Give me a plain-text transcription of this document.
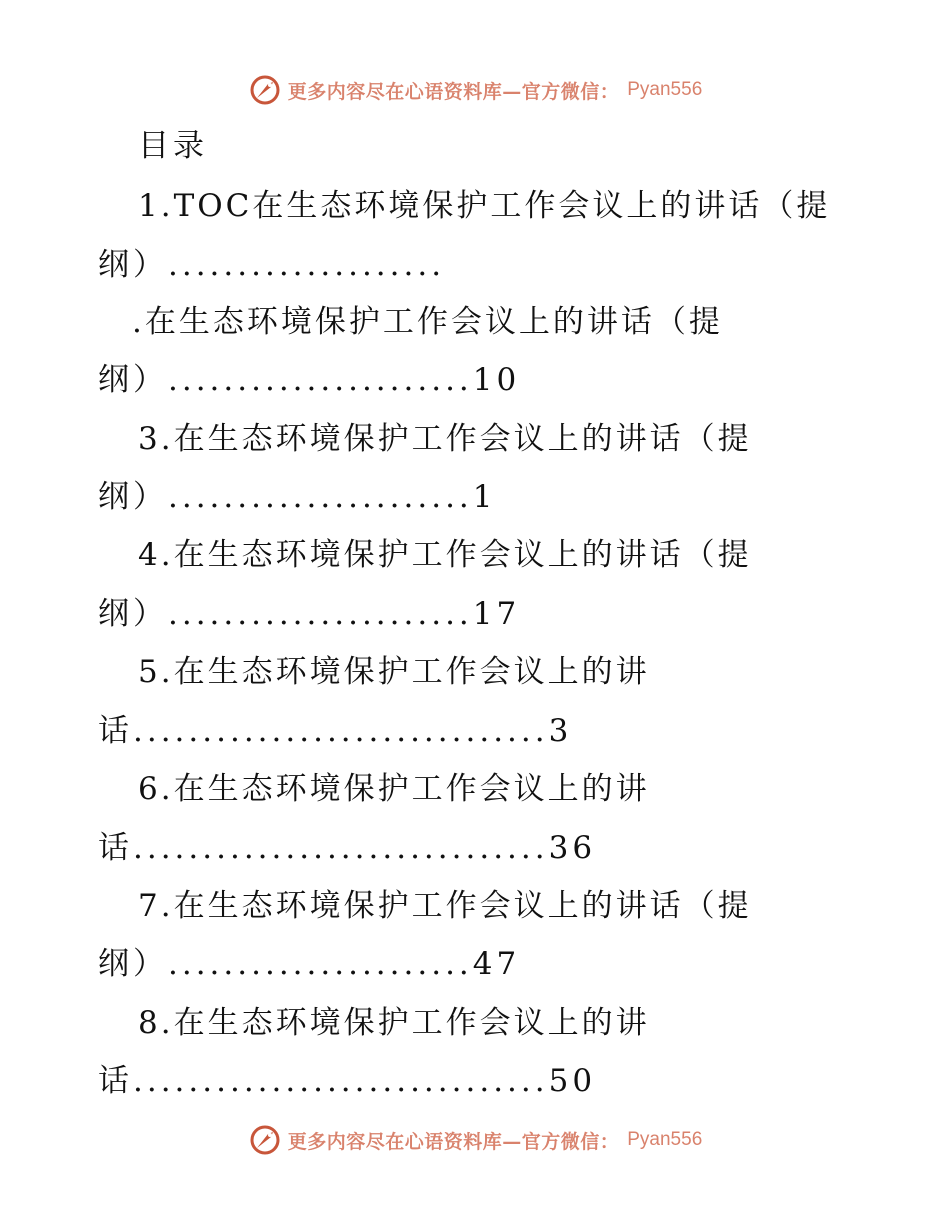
更多内容尽在心语资料库—官方微信： Pyan556
目录
1.TOC在生态环境保护工作会议上的讲话（提
纲）....................
.在生态环境保护工作会议上的讲话（提
纲）......................10
3.在生态环境保护工作会议上的讲话（提
纲）......................1
4.在生态环境保护工作会议上的讲话（提
纲）......................17
5.在生态环境保护工作会议上的讲
话..............................3
6.在生态环境保护工作会议上的讲
话..............................36
7.在生态环境保护工作会议上的讲话（提
纲）......................47
8.在生态环境保护工作会议上的讲
话..............................50
更多内容尽在心语资料库—官方微信： Pyan556
